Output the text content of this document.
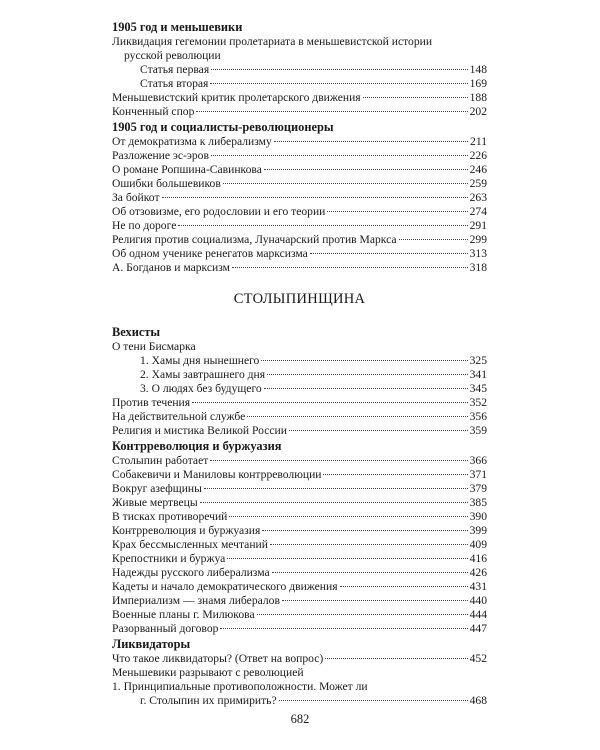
1905 год и меньшевики
Ликвидация гегемонии пролетариата в меньшевистской истории
русской революции
Статья первая	148
Статья вторая	169
Меньшевистский критик пролетарского движения	188
Конченный спор	202
1905 год и социалисты-революционеры
От демократизма к либерализму	211
Разложение эс-эров	226
О романе Ропшина-Савинкова	246
Ошибки большевиков	259
За бойкот	263
Об отзовизме, его родословии и его теории	274
Не по дороге	291
Религия против социализма, Луначарский против Маркса	299
Об одном ученике ренегатов марксизма	313
А. Богданов и марксизм	318
СТОЛЫПИНЩИНА
Вехисты
О тени Бисмарка
1. Хамы дня нынешнего	325
2. Хамы завтрашнего дня	341
3. О людях без будущего	345
Против течения	352
На действительной службе	356
Религия и мистика Великой России	359
Контрреволюция и буржуазия
Столыпин работает	366
Собакевичи и Маниловы контрреволюции	371
Вокруг азефщины	379
Живые мертвецы	385
В тисках противоречий	390
Контрреволюция и буржуазия	399
Крах бессмысленных мечтаний	409
Крепостники и буржуа	416
Надежды русского либерализма	426
Кадеты и начало демократического движения	431
Империализм — знамя либералов	440
Военные планы г. Милюкова	444
Разорванный договор	447
Ликвидаторы
Что такое ликвидаторы? (Ответ на вопрос)	452
Меньшевики разрывают с революцией
1. Принципиальные противоположности. Может ли
г. Столыпин их примирить?	468
682
